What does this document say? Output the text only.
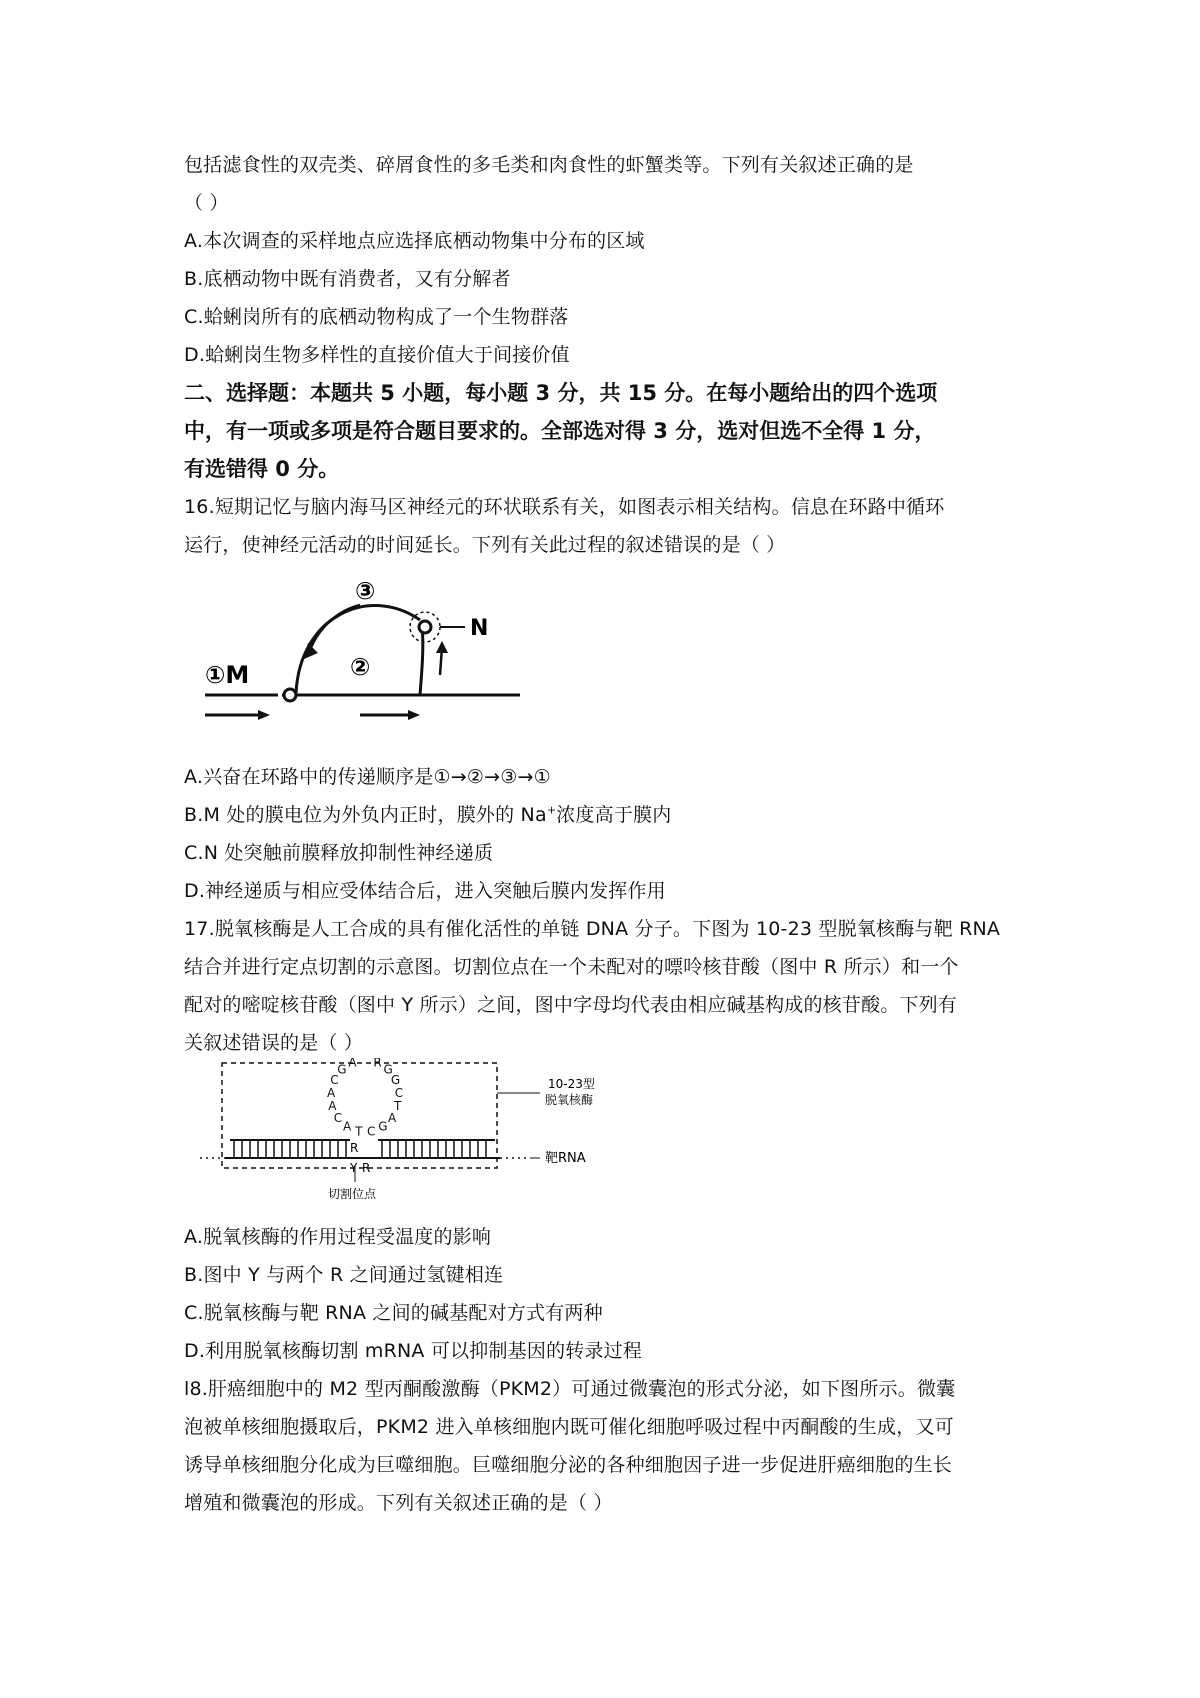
包括滤食性的双壳类、碎屑食性的多毛类和肉食性的虾蟹类等。下列有关叙述正确的是
（ ）
A.本次调查的采样地点应选择底栖动物集中分布的区域
B.底栖动物中既有消费者，又有分解者
C.蛤蜊岗所有的底栖动物构成了一个生物群落
D.蛤蜊岗生物多样性的直接价值大于间接价值
二、选择题：本题共 5 小题，每小题 3 分，共 15 分。在每小题给出的四个选项
中，有一项或多项是符合题目要求的。全部选对得 3 分，选对但选不全得 1 分，
有选错得 0 分。
16.短期记忆与脑内海马区神经元的环状联系有关，如图表示相关结构。信息在环路中循环
运行，使神经元活动的时间延长。下列有关此过程的叙述错误的是（ ）
A.兴奋在环路中的传递顺序是①→②→③→①
B.M 处的膜电位为外负内正时，膜外的 Na+浓度高于膜内
C.N 处突触前膜释放抑制性神经递质
D.神经递质与相应受体结合后，进入突触后膜内发挥作用
17.脱氧核酶是人工合成的具有催化活性的单链 DNA 分子。下图为 10-23 型脱氧核酶与靶 RNA
结合并进行定点切割的示意图。切割位点在一个未配对的嘌呤核苷酸（图中 R 所示）和一个
配对的嘧啶核苷酸（图中 Y 所示）之间，图中字母均代表由相应碱基构成的核苷酸。下列有
关叙述错误的是（ ）
A.脱氧核酶的作用过程受温度的影响
B.图中 Y 与两个 R 之间通过氢键相连
C.脱氧核酶与靶 RNA 之间的碱基配对方式有两种
D.利用脱氧核酶切割 mRNA 可以抑制基因的转录过程
l8.肝癌细胞中的 M2 型丙酮酸激酶（PKM2）可通过微囊泡的形式分泌，如下图所示。微囊
泡被单核细胞摄取后，PKM2 进入单核细胞内既可催化细胞呼吸过程中丙酮酸的生成，又可
诱导单核细胞分化成为巨噬细胞。巨噬细胞分泌的各种细胞因子进一步促进肝癌细胞的生长
增殖和微囊泡的形成。下列有关叙述正确的是（ ）
①M	②
③
N
R
G
G
C
T
A
G
C
T
A
C
A
A
C
G
A
R
Y R
10-23型
脱氧核酶
靶RNA
切割位点
